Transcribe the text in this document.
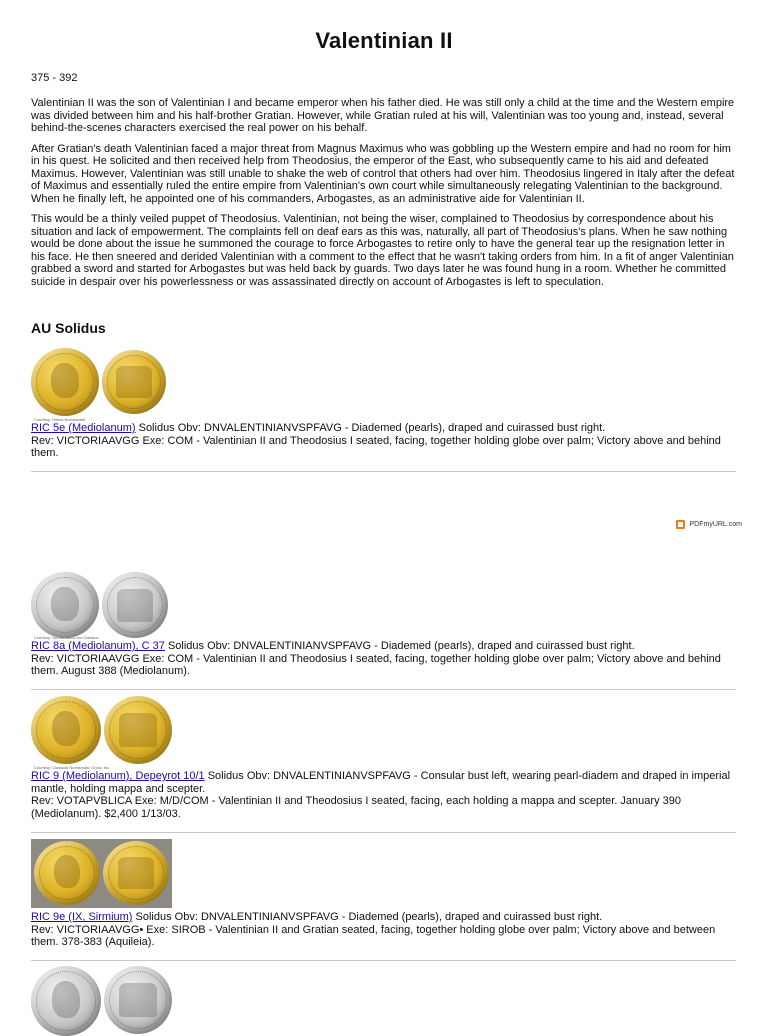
Valentinian II
375 - 392

Valentinian II was the son of Valentinian I and became emperor when his father died. He was still only a child at the time and the Western empire was divided between him and his half-brother Gratian. However, while Gratian ruled at his will, Valentinian was too young and, instead, several behind-the-scenes characters exercised the real power on his behalf.

After Gratian's death Valentinian faced a major threat from Magnus Maximus who was gobbling up the Western empire and had no room for him in his quest. He solicited and then received help from Theodosius, the emperor of the East, who subsequently came to his aid and defeated Maximus. However, Valentinian was still unable to shake the web of control that others had over him. Theodosius lingered in Italy after the defeat of Maximus and essentially ruled the entire empire from Valentinian's own court while simultaneously relegating Valentinian to the background. When he finally left, he appointed one of his commanders, Arbogastes, as an administrative aide for Valentinian II.

This would be a thinly veiled puppet of Theodosius. Valentinian, not being the wiser, complained to Theodosius by correspondence about his situation and lack of empowerment. The complaints fell on deaf ears as this was, naturally, all part of Theodosius's plans. When he saw nothing would be done about the issue he summoned the courage to force Arbogastes to retire only to have the general tear up the resignation letter in his face. He then sneered and derided Valentinian with a comment to the effect that he wasn't taking orders from him. In a fit of anger Valentinian grabbed a sword and started for Arbogastes but was held back by guards. Two days later he was found hung in a room. Whether he committed suicide in despair over his powerlessness or was assassinated directly on account of Arbogastes is left to speculation.

AU Solidus
Courtesy: Helios Numismatik
RIC 5e (Mediolanum) Solidus Obv: DNVALENTINIANVSPFAVG - Diademed (pearls), draped and cuirassed bust right.
Rev: VICTORIAAVGG Exe: COM - Valentinian II and Theodosius I seated, facing, together holding globe over palm; Victory above and behind them.
PDFmyURL.com
Courtesy: Numismatica Ars Classica
RIC 8a (Mediolanum), C 37 Solidus Obv: DNVALENTINIANVSPFAVG - Diademed (pearls), draped and cuirassed bust right.
Rev: VICTORIAAVGG Exe: COM - Valentinian II and Theodosius I seated, facing, together holding globe over palm; Victory above and behind them. August 388 (Mediolanum).
Courtesy: Classical Numismatic Group Inc.
RIC 9 (Mediolanum), Depeyrot 10/1 Solidus Obv: DNVALENTINIANVSPFAVG - Consular bust left, wearing pearl-diadem and draped in imperial mantle, holding mappa and scepter.
Rev: VOTAPVBLICA Exe: M/D/COM - Valentinian II and Theodosius I seated, facing, each holding a mappa and scepter. January 390 (Mediolanum). $2,400 1/13/03.
RIC 9e (IX, Sirmium) Solidus Obv: DNVALENTINIANVSPFAVG - Diademed (pearls), draped and cuirassed bust right.
Rev: VICTORIAAVGG• Exe: SIROB - Valentinian II and Gratian seated, facing, together holding globe over palm; Victory above and between them. 378-383 (Aquileia).
